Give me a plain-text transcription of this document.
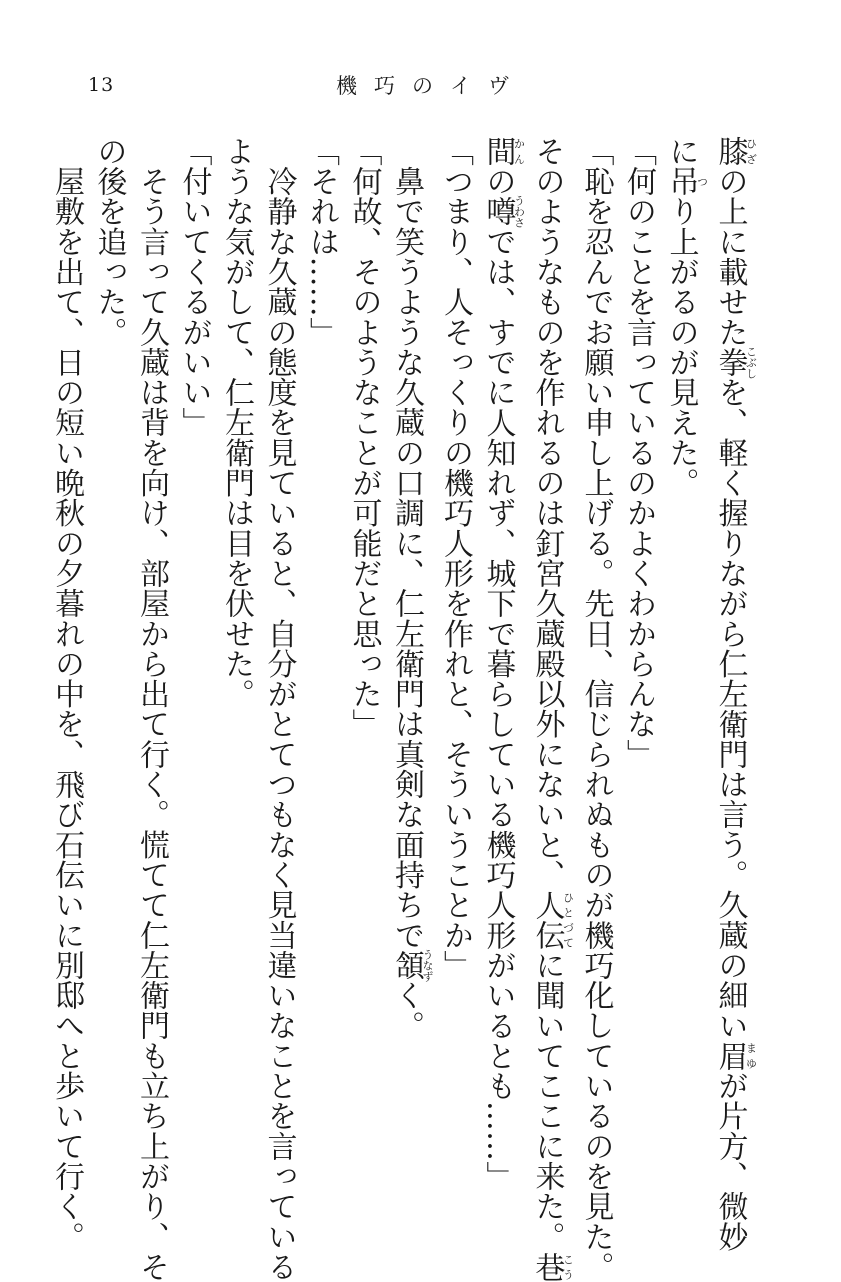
13	機巧のイヴ
膝ひざの上に載せた拳こぶしを、軽く握りながら仁左衛門は言う。久蔵の細い眉まゆが片方、微妙
に吊つり上がるのが見えた。
「何のことを言っているのかよくわからんな」
「恥を忍んでお願い申し上げる。先日、信じられぬものが機巧化しているのを見た。
そのようなものを作れるのは釘宮久蔵殿以外にないと、人伝ひとづてに聞いてここに来た。巷こう
間かんの噂うわさでは、すでに人知れず、城下で暮らしている機巧人形がいるとも……」
「つまり、人そっくりの機巧人形を作れと、そういうことか」
　鼻で笑うような久蔵の口調に、仁左衛門は真剣な面持ちで頷うなずく。
「何故、そのようなことが可能だと思った」
「それは……」
　冷静な久蔵の態度を見ていると、自分がとてつもなく見当違いなことを言っている
ような気がして、仁左衛門は目を伏せた。
「付いてくるがいい」
　そう言って久蔵は背を向け、部屋から出て行く。慌てて仁左衛門も立ち上がり、そ
の後を追った。
　屋敷を出て、日の短い晩秋の夕暮れの中を、飛び石伝いに別邸へと歩いて行く。
